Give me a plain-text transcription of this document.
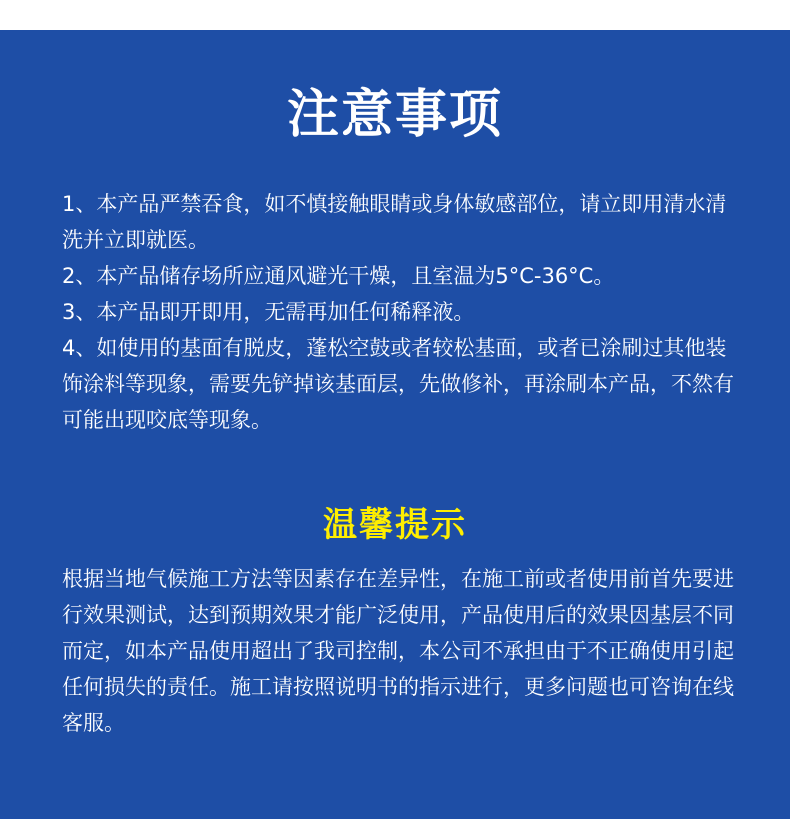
注意事项

1、本产品严禁吞食，如不慎接触眼睛或身体敏感部位，请立即用清水清洗并立即就医。

2、本产品储存场所应通风避光干燥，且室温为5°C-36°C。

3、本产品即开即用，无需再加任何稀释液。

4、如使用的基面有脱皮，蓬松空鼓或者较松基面，或者已涂刷过其他装饰涂料等现象，需要先铲掉该基面层，先做修补，再涂刷本产品，不然有可能出现咬底等现象。

温馨提示

根据当地气候施工方法等因素存在差异性，在施工前或者使用前首先要进行效果测试，达到预期效果才能广泛使用，产品使用后的效果因基层不同而定，如本产品使用超出了我司控制，本公司不承担由于不正确使用引起任何损失的责任。施工请按照说明书的指示进行，更多问题也可咨询在线客服。
